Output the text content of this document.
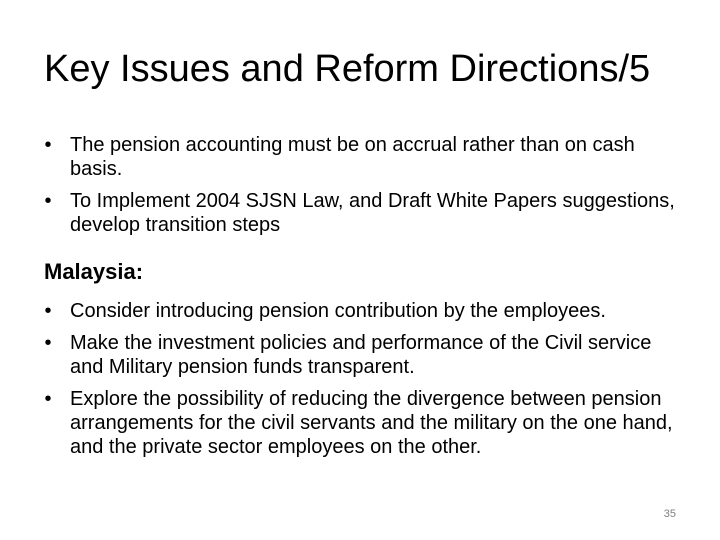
Key Issues and Reform Directions/5
• The pension accounting must be on accrual rather than on cash basis.
• To Implement 2004 SJSN Law, and Draft White Papers suggestions, develop transition steps
Malaysia:
• Consider introducing pension contribution by the employees.
• Make the investment policies and performance of the Civil service and Military pension funds transparent.
• Explore the possibility of reducing the divergence between pension arrangements for the civil servants and the military on the one hand, and the private sector employees on the other.
35
